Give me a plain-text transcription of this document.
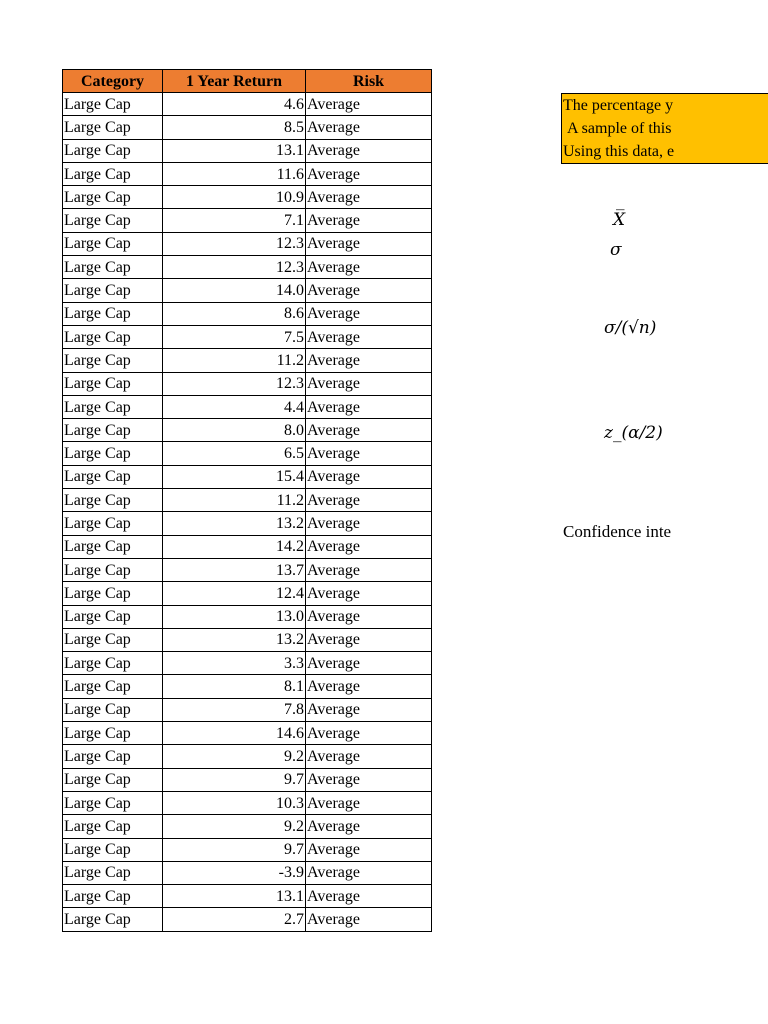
Category	1 Year Return	Risk
Large Cap	4.6	Average
Large Cap	8.5	Average
Large Cap	13.1	Average
Large Cap	11.6	Average
Large Cap	10.9	Average
Large Cap	7.1	Average
Large Cap	12.3	Average
Large Cap	12.3	Average
Large Cap	14.0	Average
Large Cap	8.6	Average
Large Cap	7.5	Average
Large Cap	11.2	Average
Large Cap	12.3	Average
Large Cap	4.4	Average
Large Cap	8.0	Average
Large Cap	6.5	Average
Large Cap	15.4	Average
Large Cap	11.2	Average
Large Cap	13.2	Average
Large Cap	14.2	Average
Large Cap	13.7	Average
Large Cap	12.4	Average
Large Cap	13.0	Average
Large Cap	13.2	Average
Large Cap	3.3	Average
Large Cap	8.1	Average
Large Cap	7.8	Average
Large Cap	14.6	Average
Large Cap	9.2	Average
Large Cap	9.7	Average
Large Cap	10.3	Average
Large Cap	9.2	Average
Large Cap	9.7	Average
Large Cap	-3.9	Average
Large Cap	13.1	Average
Large Cap	2.7	Average
The percentage y
A sample of this
Using this data, e
X̅
σ
σ/(√n)
z_(α/2)
Confidence inte
